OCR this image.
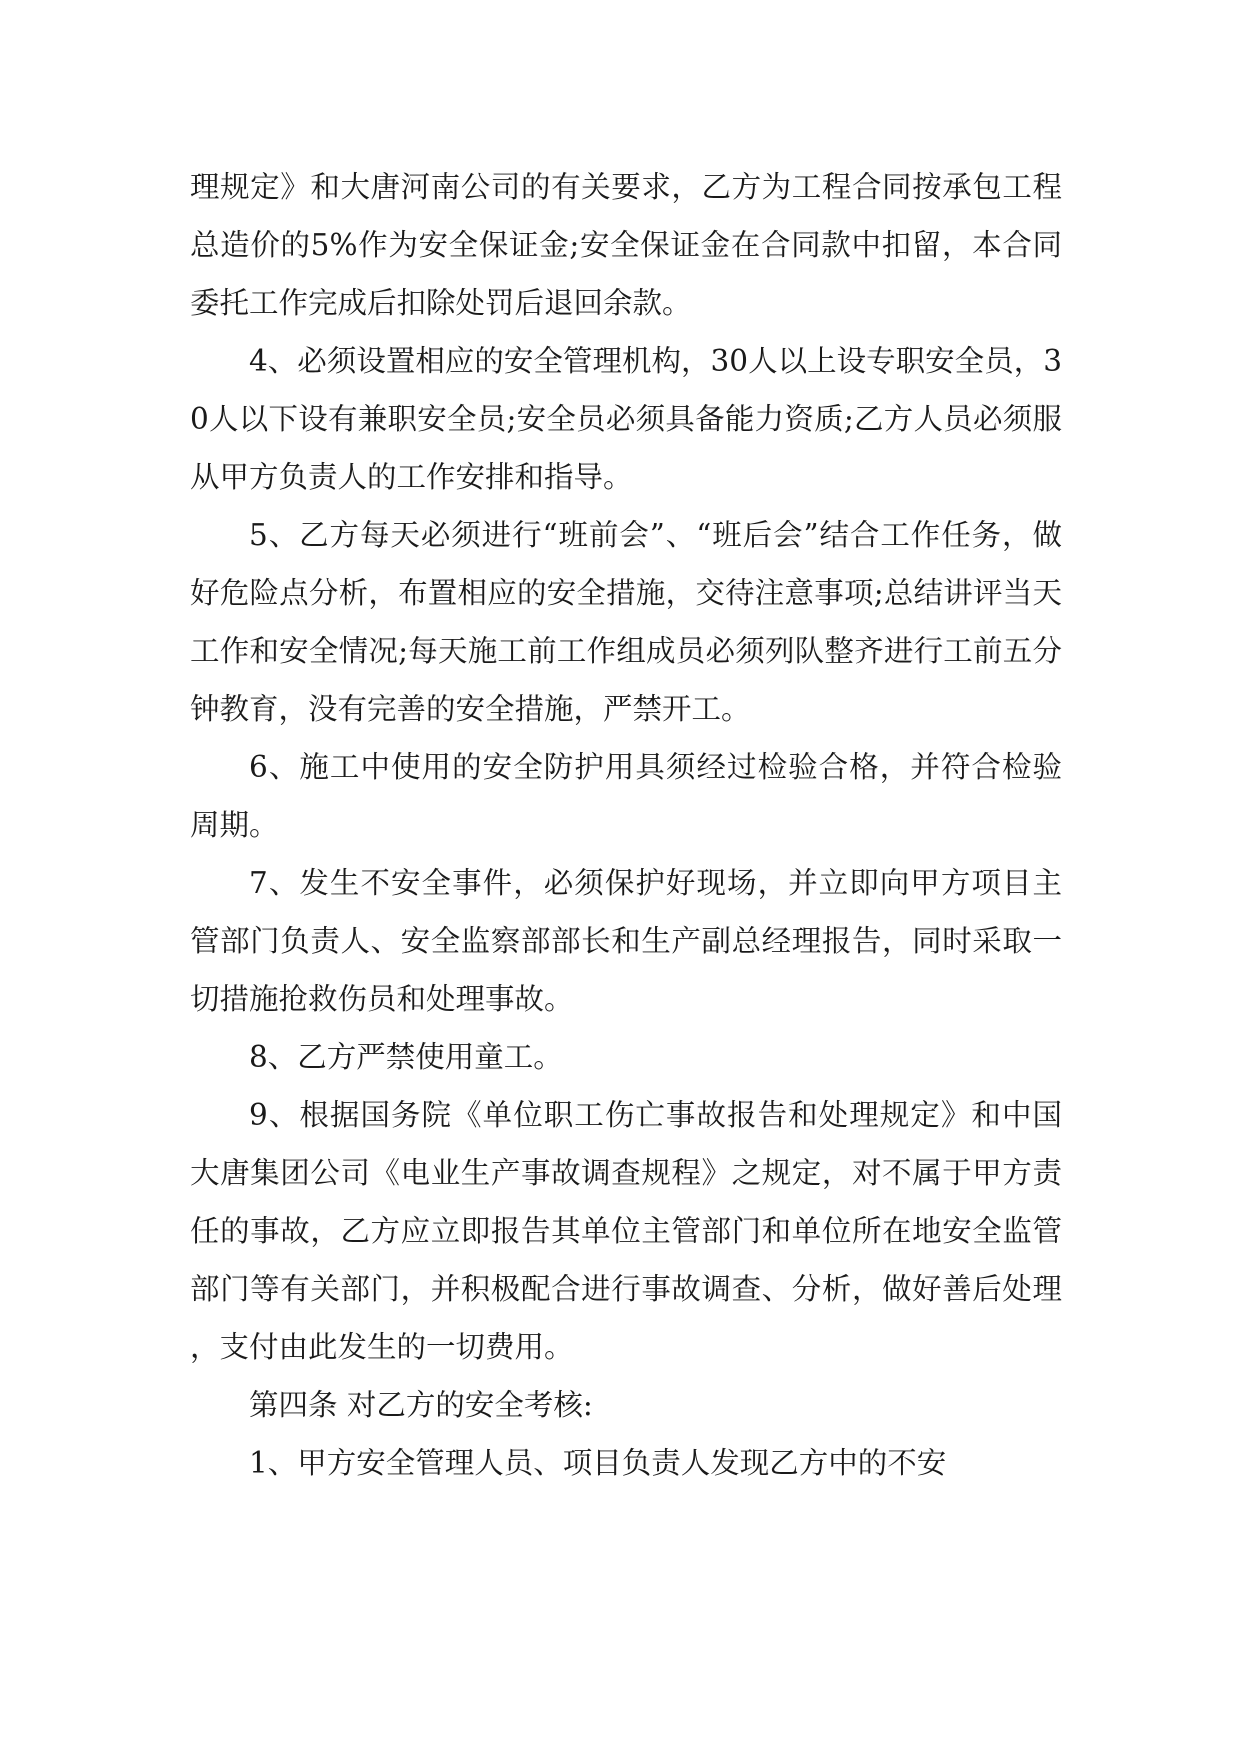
理规定》和大唐河南公司的有关要求，乙方为工程合同按承包工程总造价的5%作为安全保证金;安全保证金在合同款中扣留，本合同委托工作完成后扣除处罚后退回余款。

4、必须设置相应的安全管理机构，30人以上设专职安全员，30人以下设有兼职安全员;安全员必须具备能力资质;乙方人员必须服从甲方负责人的工作安排和指导。

5、乙方每天必须进行“班前会”、“班后会”结合工作任务，做好危险点分析，布置相应的安全措施，交待注意事项;总结讲评当天工作和安全情况;每天施工前工作组成员必须列队整齐进行工前五分钟教育，没有完善的安全措施，严禁开工。

6、施工中使用的安全防护用具须经过检验合格，并符合检验周期。

7、发生不安全事件，必须保护好现场，并立即向甲方项目主管部门负责人、安全监察部部长和生产副总经理报告，同时采取一切措施抢救伤员和处理事故。

8、乙方严禁使用童工。

9、根据国务院《单位职工伤亡事故报告和处理规定》和中国大唐集团公司《电业生产事故调查规程》之规定，对不属于甲方责任的事故，乙方应立即报告其单位主管部门和单位所在地安全监管部门等有关部门，并积极配合进行事故调查、分析，做好善后处理，支付由此发生的一切费用。

第四条 对乙方的安全考核:

1、甲方安全管理人员、项目负责人发现乙方中的不安
